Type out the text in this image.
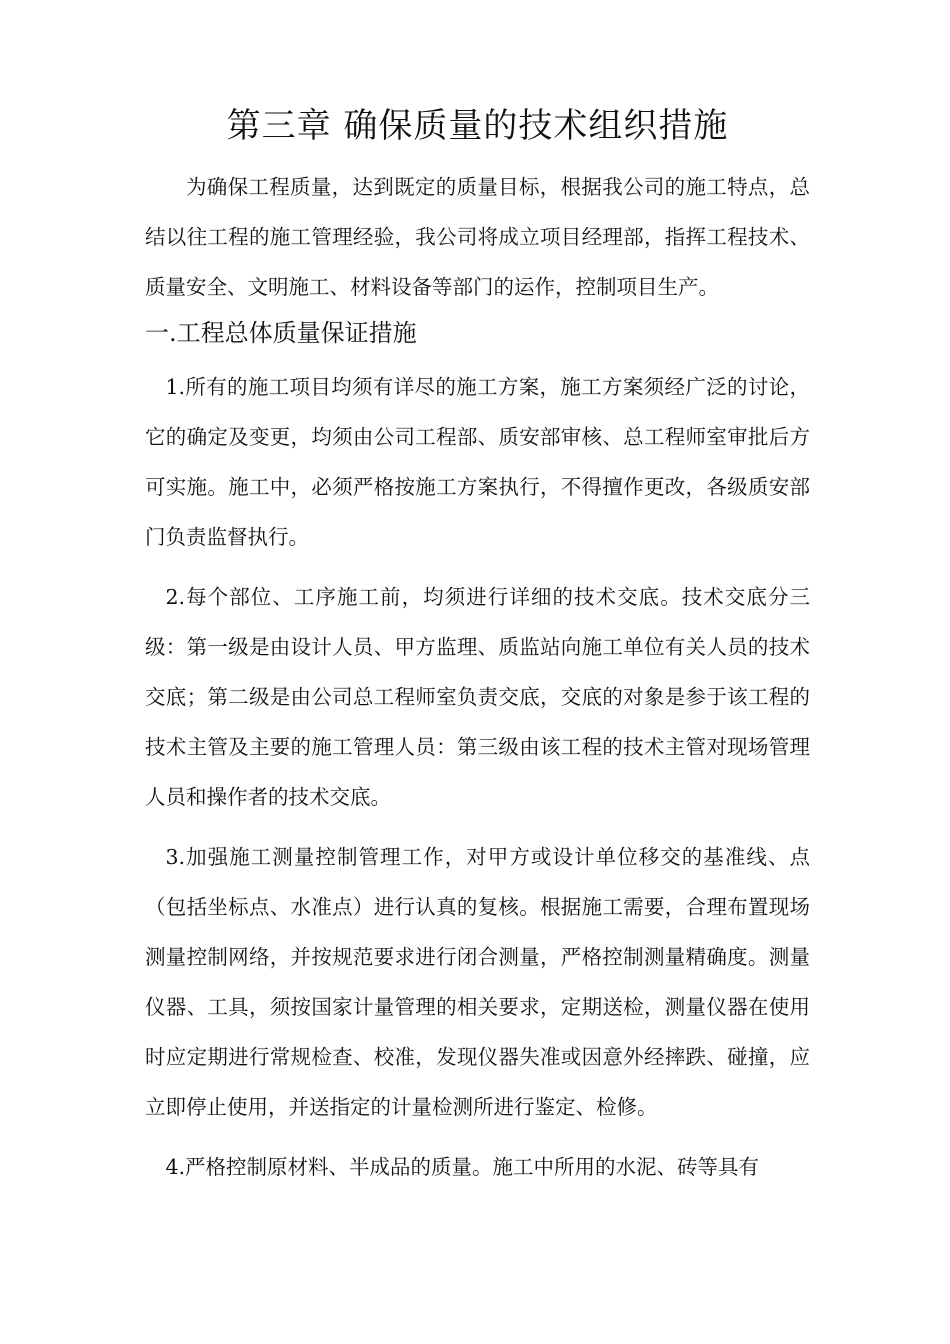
第三章 确保质量的技术组织措施

为确保工程质量，达到既定的质量目标，根据我公司的施工特点，总结以往工程的施工管理经验，我公司将成立项目经理部，指挥工程技术、质量安全、文明施工、材料设备等部门的运作，控制项目生产。

一.工程总体质量保证措施

1.所有的施工项目均须有详尽的施工方案，施工方案须经广泛的讨论，它的确定及变更，均须由公司工程部、质安部审核、总工程师室审批后方可实施。施工中，必须严格按施工方案执行，不得擅作更改，各级质安部门负责监督执行。

2.每个部位、工序施工前，均须进行详细的技术交底。技术交底分三级：第一级是由设计人员、甲方监理、质监站向施工单位有关人员的技术交底；第二级是由公司总工程师室负责交底，交底的对象是参于该工程的技术主管及主要的施工管理人员：第三级由该工程的技术主管对现场管理人员和操作者的技术交底。

3.加强施工测量控制管理工作，对甲方或设计单位移交的基准线、点（包括坐标点、水准点）进行认真的复核。根据施工需要，合理布置现场测量控制网络，并按规范要求进行闭合测量，严格控制测量精确度。测量仪器、工具，须按国家计量管理的相关要求，定期送检，测量仪器在使用时应定期进行常规检查、校准，发现仪器失准或因意外经摔跌、碰撞，应立即停止使用，并送指定的计量检测所进行鉴定、检修。

4.严格控制原材料、半成品的质量。施工中所用的水泥、砖等具有
